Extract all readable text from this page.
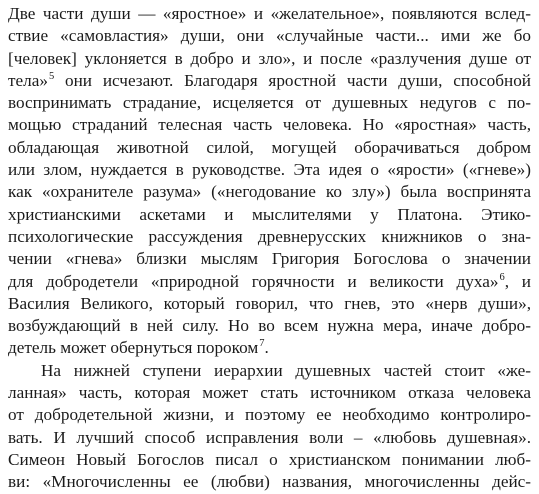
Две части души — «яростное» и «желательное», появляются вслед-
ствие «самовластия» души, они «случайные части... ими же бо
[человек] уклоняется в добро и зло», и после «разлучения душе от
тела»$^5$ они исчезают. Благодаря яростной части души, способной
воспринимать страдание, исцеляется от душевных недугов с по-
мощью страданий телесная часть человека. Но «яростная» часть,
обладающая животной силой, могущей оборачиваться добром
или злом, нуждается в руководстве. Эта идея о «ярости» («гневе»)
как «охранителе разума» («негодование ко злу») была воспринята
христианскими аскетами и мыслителями у Платона. Этико-
психологические рассуждения древнерусских книжников о зна-
чении «гнева» близки мыслям Григория Богослова о значении
для добродетели «природной горячности и великости духа»$^6$, и
Василия Великого, который говорил, что гнев, это «нерв души»,
возбуждающий в ней силу. Но во всем нужна мера, иначе добро-
детель может обернуться пороком$^7$.
На нижней ступени иерархии душевных частей стоит «же-
ланная» часть, которая может стать источником отказа человека
от добродетельной жизни, и поэтому ее необходимо контролиро-
вать. И лучший способ исправления воли – «любовь душевная».
Симеон Новый Богослов писал о христианском понимании люб-
ви: «Многочисленны ее (любви) названия, многочисленны дейс-
